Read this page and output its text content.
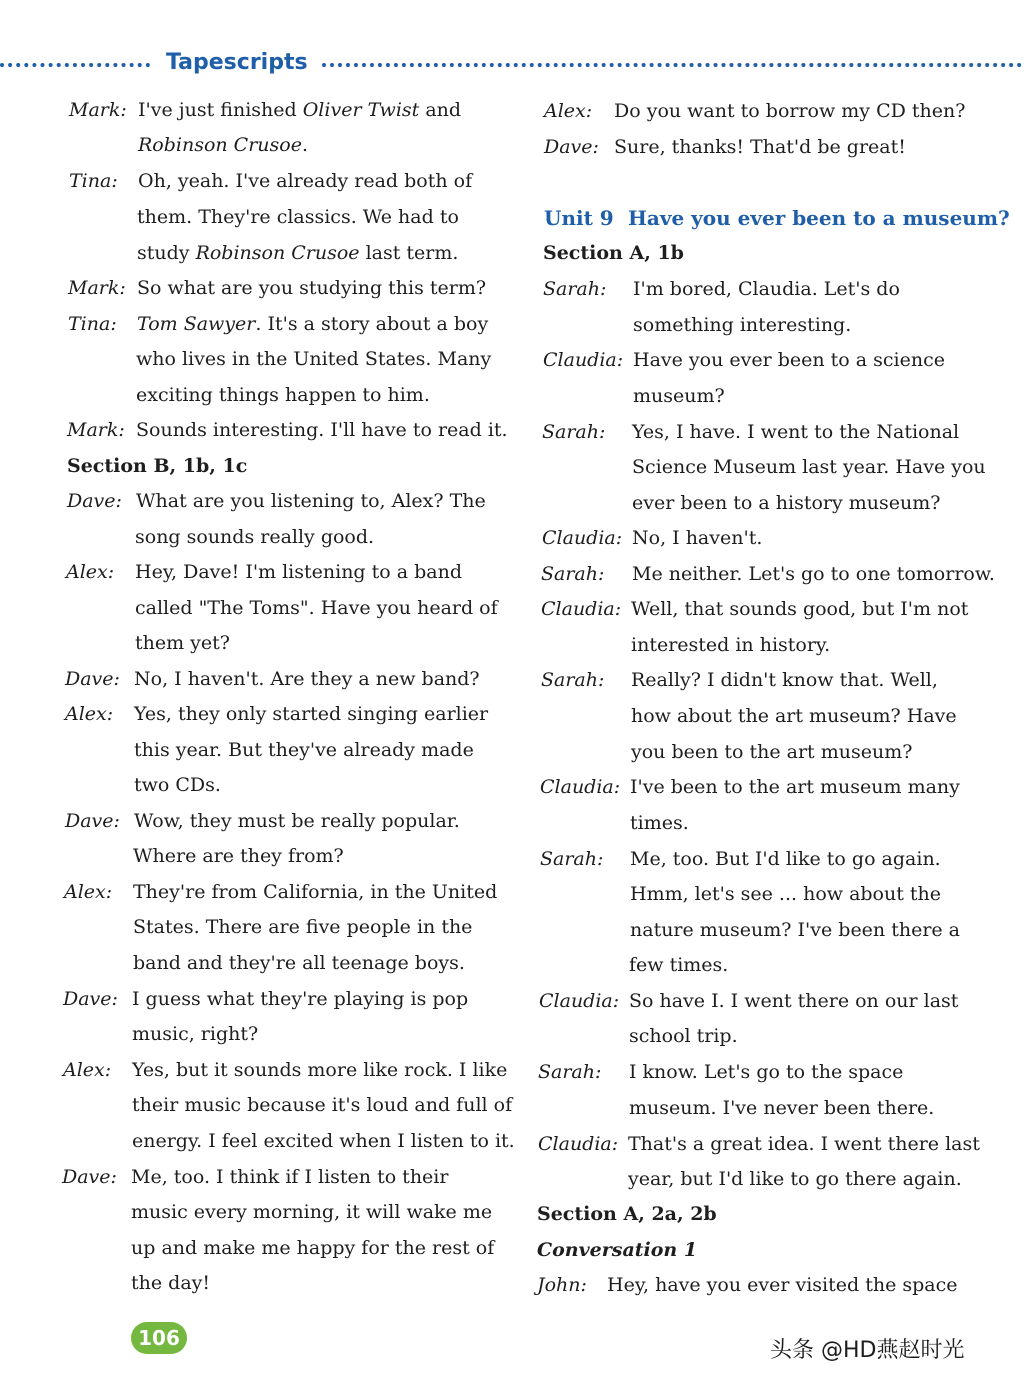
Tapescripts
Mark: I've just finished Oliver Twist and
Robinson Crusoe.
Tina: Oh, yeah. I've already read both of
them. They're classics. We had to
study Robinson Crusoe last term.
Mark: So what are you studying this term?
Tina: Tom Sawyer. It's a story about a boy
who lives in the United States. Many
exciting things happen to him.
Mark: Sounds interesting. I'll have to read it.
Section B, 1b, 1c
Dave: What are you listening to, Alex? The
song sounds really good.
Alex: Hey, Dave! I'm listening to a band
called "The Toms". Have you heard of
them yet?
Dave: No, I haven't. Are they a new band?
Alex: Yes, they only started singing earlier
this year. But they've already made
two CDs.
Dave: Wow, they must be really popular.
Where are they from?
Alex: They're from California, in the United
States. There are five people in the
band and they're all teenage boys.
Dave: I guess what they're playing is pop
music, right?
Alex: Yes, but it sounds more like rock. I like
their music because it's loud and full of
energy. I feel excited when I listen to it.
Dave: Me, too. I think if I listen to their
music every morning, it will wake me
up and make me happy for the rest of
the day!
Alex: Do you want to borrow my CD then?
Dave: Sure, thanks! That'd be great!
Unit 9 Have you ever been to a museum?
Section A, 1b
Sarah: I'm bored, Claudia. Let's do
something interesting.
Claudia: Have you ever been to a science
museum?
Sarah: Yes, I have. I went to the National
Science Museum last year. Have you
ever been to a history museum?
Claudia: No, I haven't.
Sarah: Me neither. Let's go to one tomorrow.
Claudia: Well, that sounds good, but I'm not
interested in history.
Sarah: Really? I didn't know that. Well,
how about the art museum? Have
you been to the art museum?
Claudia: I've been to the art museum many
times.
Sarah: Me, too. But I'd like to go again.
Hmm, let's see ... how about the
nature museum? I've been there a
few times.
Claudia: So have I. I went there on our last
school trip.
Sarah: I know. Let's go to the space
museum. I've never been there.
Claudia: That's a great idea. I went there last
year, but I'd like to go there again.
Section A, 2a, 2b
Conversation 1
John: Hey, have you ever visited the space
106	头条 @HD燕赵时光
